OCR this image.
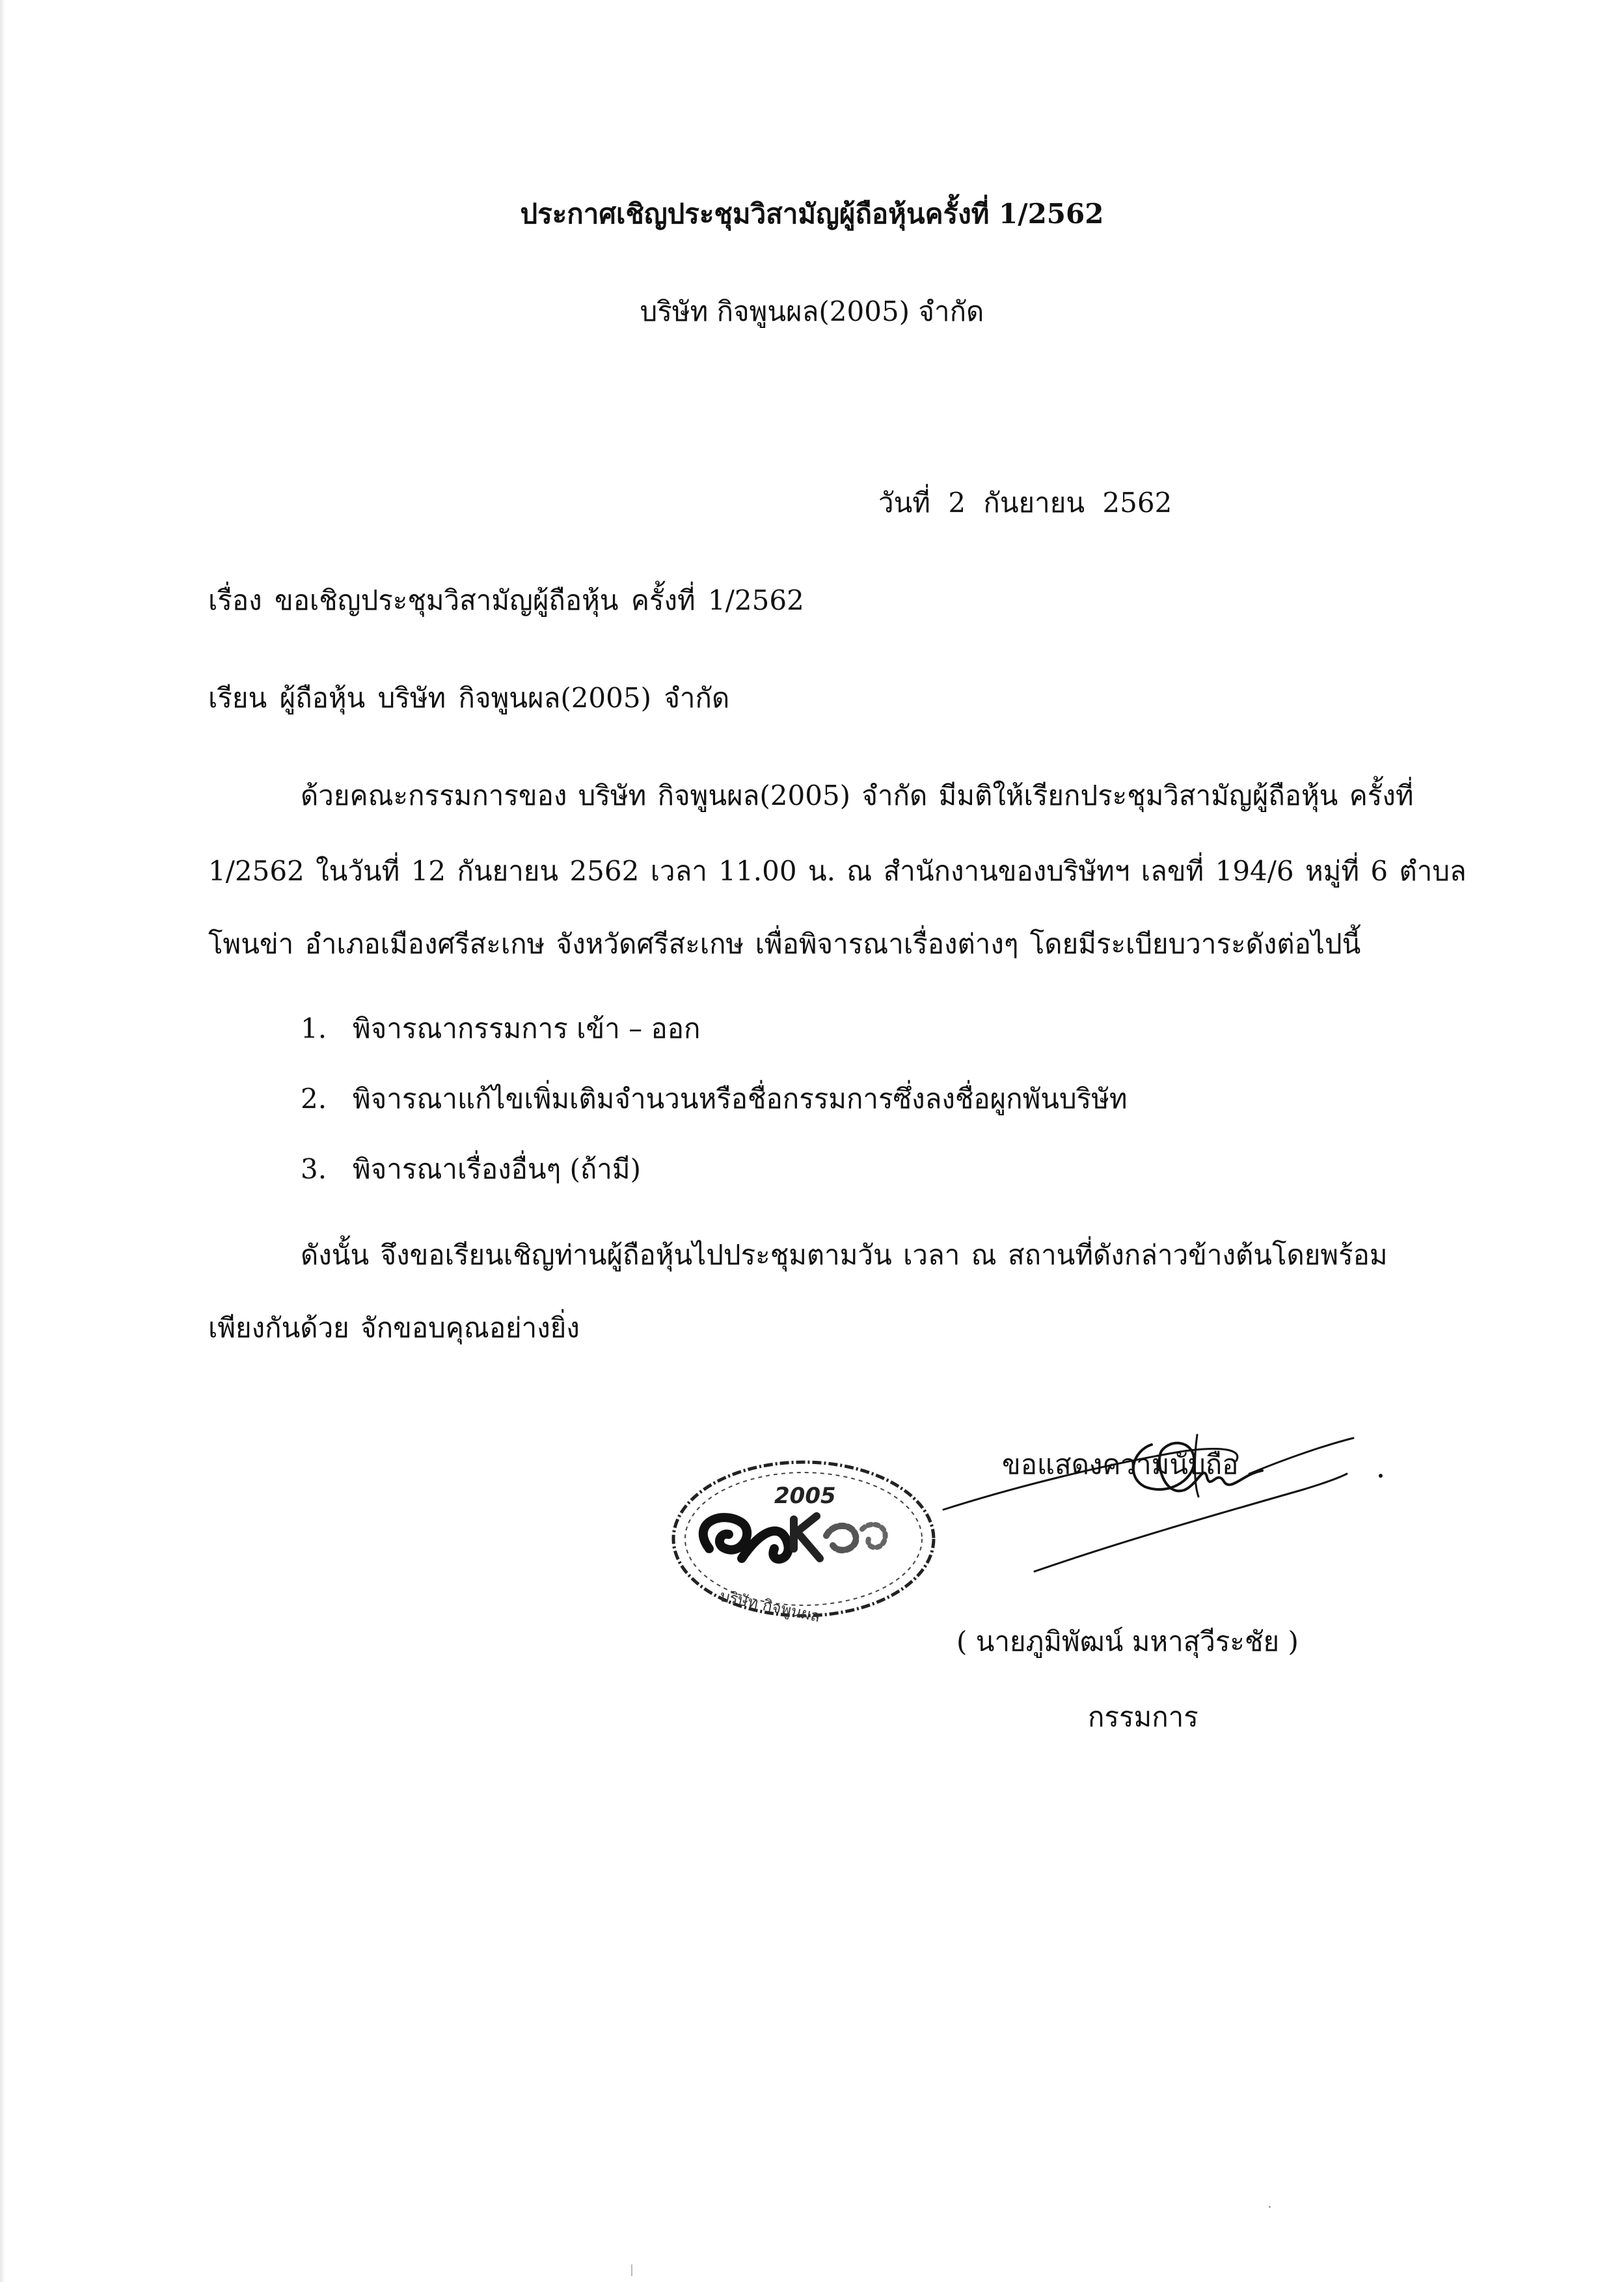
ประกาศเชิญประชุมวิสามัญผู้ถือหุ้นครั้งที่ 1/2562
บริษัท กิจพูนผล(2005) จำกัด
วันที่ 2 กันยายน 2562
เรื่อง ขอเชิญประชุมวิสามัญผู้ถือหุ้น ครั้งที่ 1/2562
เรียน ผู้ถือหุ้น บริษัท กิจพูนผล(2005) จำกัด
ด้วยคณะกรรมการของ บริษัท กิจพูนผล(2005) จำกัด มีมติให้เรียกประชุมวิสามัญผู้ถือหุ้น ครั้งที่
1/2562 ในวันที่ 12 กันยายน 2562 เวลา 11.00 น. ณ สำนักงานของบริษัทฯ เลขที่ 194/6 หมู่ที่ 6 ตำบล
โพนข่า อำเภอเมืองศรีสะเกษ จังหวัดศรีสะเกษ เพื่อพิจารณาเรื่องต่างๆ โดยมีระเบียบวาระดังต่อไปนี้
1. พิจารณากรรมการ เข้า – ออก
2. พิจารณาแก้ไขเพิ่มเติมจำนวนหรือชื่อกรรมการซึ่งลงชื่อผูกพันบริษัท
3. พิจารณาเรื่องอื่นๆ (ถ้ามี)
ดังนั้น จึงขอเรียนเชิญท่านผู้ถือหุ้นไปประชุมตามวัน เวลา ณ สถานที่ดังกล่าวข้างต้นโดยพร้อม
เพียงกันด้วย จักขอบคุณอย่างยิ่ง
2005
บริษัท กิจพูนผล
ขอแสดงความนับถือ
( นายภูมิพัฒน์ มหาสุวีระชัย )
กรรมการ
